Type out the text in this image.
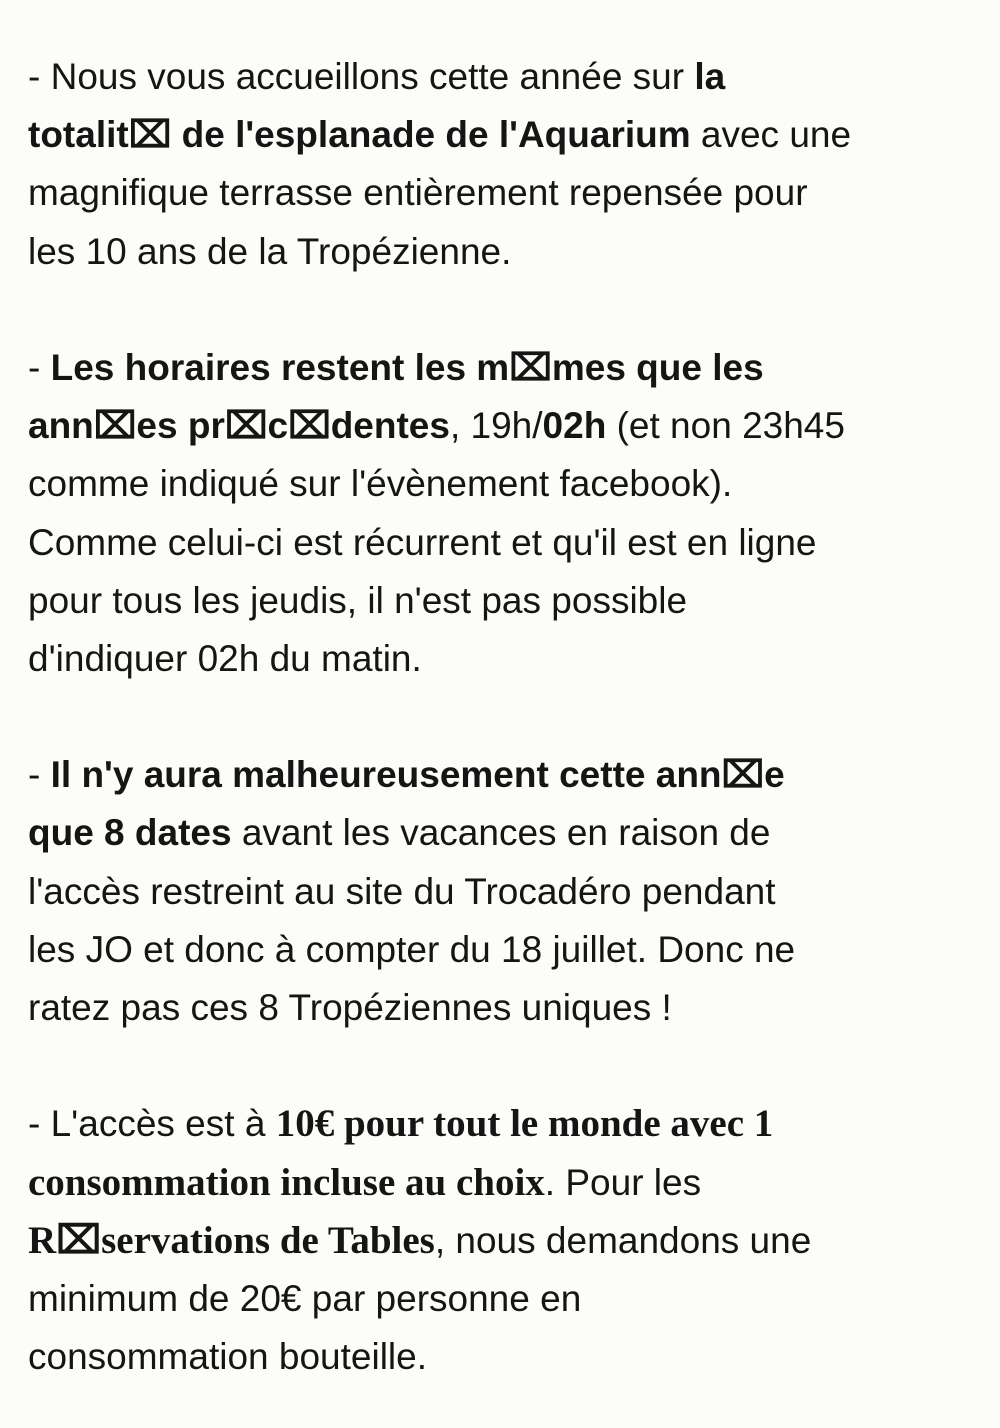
- Nous vous accueillons cette année sur la
totalit⌧ de l'esplanade de l'Aquarium avec une
magnifique terrasse entièrement repensée pour
les 10 ans de la Tropézienne.
- Les horaires restent les m⌧mes que les
ann⌧es pr⌧c⌧dentes, 19h/02h (et non 23h45
comme indiqué sur l'évènement facebook).
Comme celui-ci est récurrent et qu'il est en ligne
pour tous les jeudis, il n'est pas possible
d'indiquer 02h du matin.
- Il n'y aura malheureusement cette ann⌧e
que 8 dates avant les vacances en raison de
l'accès restreint au site du Trocadéro pendant
les JO et donc à compter du 18 juillet. Donc ne
ratez pas ces 8 Tropéziennes uniques !
- L'accès est à 10€ pour tout le monde avec 1
consommation incluse au choix. Pour les
R⌧servations de Tables, nous demandons une
minimum de 20€ par personne en
consommation bouteille.
